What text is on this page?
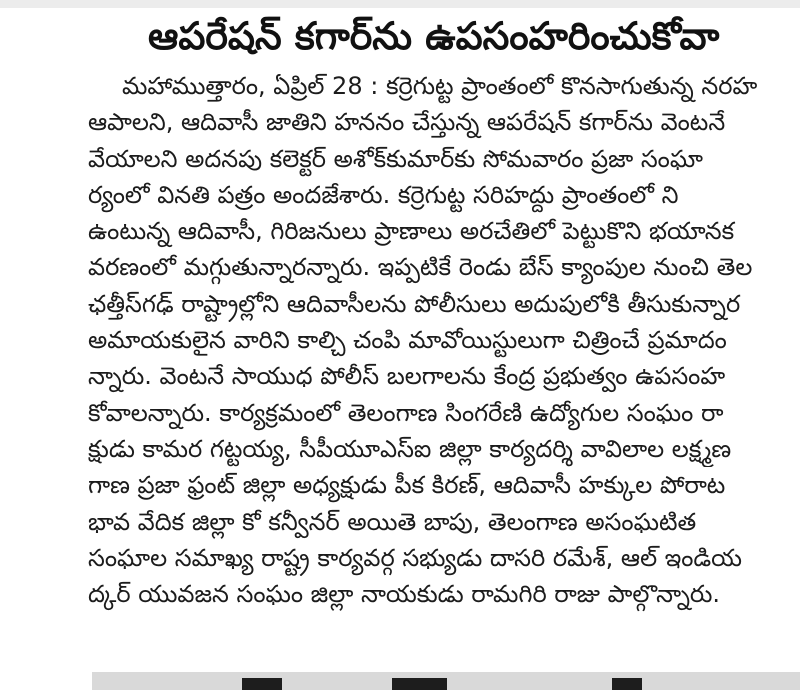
ఆపరేషన్ కగార్‌ను ఉపసంహరించుకోవా
మహాముత్తారం, ఏప్రిల్ 28 : కర్రెగుట్ట ప్రాంతంలో కొనసాగుతున్న నరహ
ఆపాలని, ఆదివాసీ జాతిని హననం చేస్తున్న ఆపరేషన్ కగార్‌ను వెంటనే
వేయాలని అదనపు కలెక్టర్ అశోక్‌కుమార్‌కు సోమవారం ప్రజా సంఘా
ర్యంలో వినతి పత్రం అందజేశారు. కర్రెగుట్ట సరిహద్దు ప్రాంతంలో ని
ఉంటున్న ఆదివాసీ, గిరిజనులు ప్రాణాలు అరచేతిలో పెట్టుకొని భయానక
వరణంలో మగ్గుతున్నారన్నారు. ఇప్పటికే రెండు బేస్ క్యాంపుల నుంచి తెల
ఛత్తీస్‌గఢ్ రాష్ట్రాల్లోని ఆదివాసీలను పోలీసులు అదుపులోకి తీసుకున్నార
అమాయకులైన వారిని కాల్చి చంపి మావోయిస్టులుగా చిత్రించే ప్రమాదం
న్నారు. వెంటనే సాయుధ పోలీస్ బలగాలను కేంద్ర ప్రభుత్వం ఉపసంహ
కోవాలన్నారు. కార్యక్రమంలో తెలంగాణ సింగరేణి ఉద్యోగుల సంఘం రా
క్షుడు కామర గట్టయ్య, సీపీయూఎస్ఐ జిల్లా కార్యదర్శి వావిలాల లక్ష్మణ
గాణ ప్రజా ఫ్రంట్ జిల్లా అధ్యక్షుడు పీక కిరణ్, ఆదివాసీ హక్కుల పోరాట
భావ వేదిక జిల్లా కో కన్వీనర్ అయితె బాపు, తెలంగాణ అసంఘటిత
సంఘాల సమాఖ్య రాష్ట్ర కార్యవర్గ సభ్యుడు దాసరి రమేశ్, ఆల్ ఇండియ
ద్కర్ యువజన సంఘం జిల్లా నాయకుడు రామగిరి రాజు పాల్గొన్నారు.
